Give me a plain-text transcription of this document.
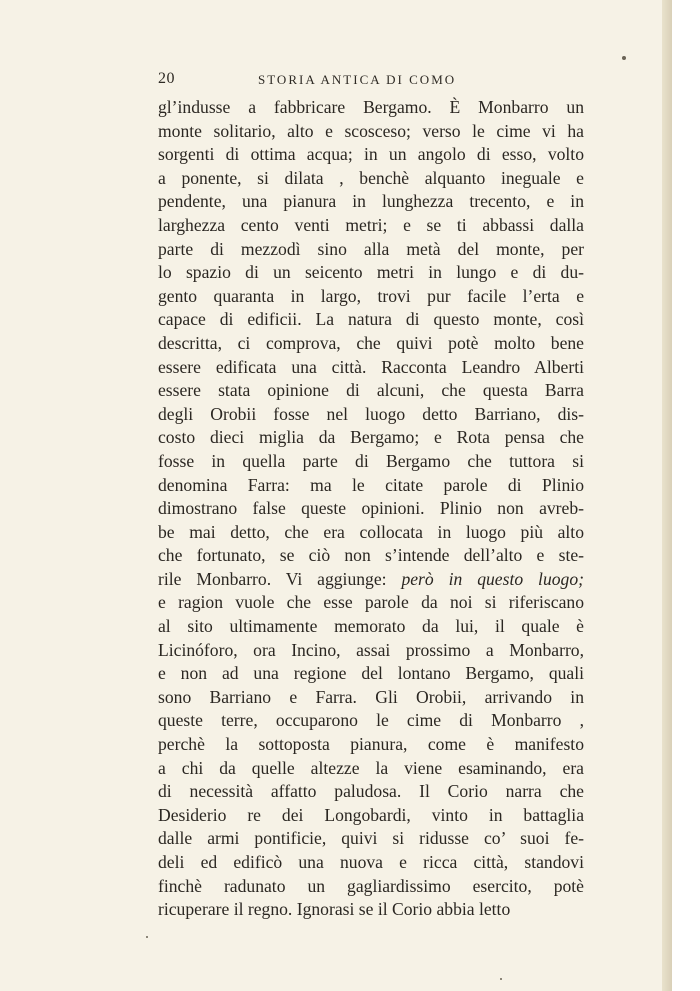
20	STORIA ANTICA DI COMO
gl’indusse a fabbricare Bergamo. È Monbarro un
monte solitario, alto e scosceso; verso le cime vi ha
sorgenti di ottima acqua; in un angolo di esso, volto
a ponente, si dilata , benchè alquanto ineguale e
pendente, una pianura in lunghezza trecento, e in
larghezza cento venti metri; e se ti abbassi dalla
parte di mezzodì sino alla metà del monte, per
lo spazio di un seicento metri in lungo e di du-
gento quaranta in largo, trovi pur facile l’erta e
capace di edificii. La natura di questo monte, così
descritta, ci comprova, che quivi potè molto bene
essere edificata una città. Racconta Leandro Alberti
essere stata opinione di alcuni, che questa Barra
degli Orobii fosse nel luogo detto Barriano, dis-
costo dieci miglia da Bergamo; e Rota pensa che
fosse in quella parte di Bergamo che tuttora si
denomina Farra: ma le citate parole di Plinio
dimostrano false queste opinioni. Plinio non avreb-
be mai detto, che era collocata in luogo più alto
che fortunato, se ciò non s’intende dell’alto e ste-
rile Monbarro. Vi aggiunge: però in questo luogo;
e ragion vuole che esse parole da noi si riferiscano
al sito ultimamente memorato da lui, il quale è
Licinóforo, ora Incino, assai prossimo a Monbarro,
e non ad una regione del lontano Bergamo, quali
sono Barriano e Farra. Gli Orobii, arrivando in
queste terre, occuparono le cime di Monbarro ,
perchè la sottoposta pianura, come è manifesto
a chi da quelle altezze la viene esaminando, era
di necessità affatto paludosa. Il Corio narra che
Desiderio re dei Longobardi, vinto in battaglia
dalle armi pontificie, quivi si ridusse co’ suoi fe-
deli ed edificò una nuova e ricca città, standovi
finchè radunato un gagliardissimo esercito, potè
ricuperare il regno. Ignorasi se il Corio abbia letto
